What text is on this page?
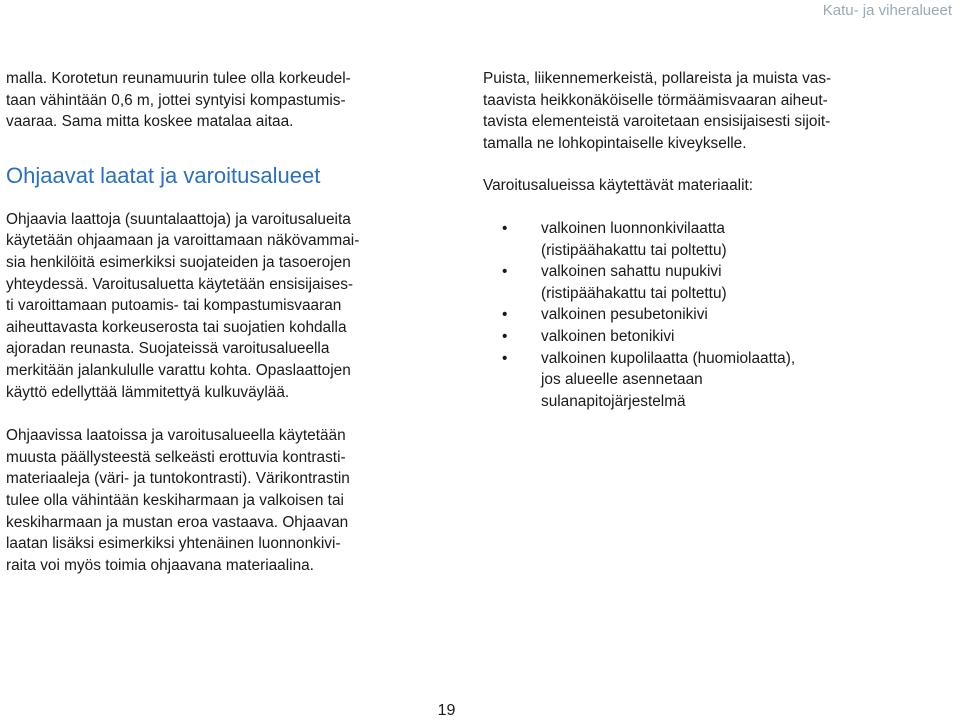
Katu- ja viheralueet

malla. Korotetun reunamuurin tulee olla korkeudel-
taan vähintään 0,6 m, jottei syntyisi kompastumis-
vaaraa. Sama mitta koskee matalaa aitaa.

Ohjaavat laatat ja varoitusalueet

Ohjaavia laattoja (suuntalaattoja) ja varoitusalueita
käytetään ohjaamaan ja varoittamaan näkövammai-
sia henkilöitä esimerkiksi suojateiden ja tasoerojen
yhteydessä. Varoitusaluetta käytetään ensisijaises-
ti varoittamaan putoamis- tai kompastumisvaaran
aiheuttavasta korkeuserosta tai suojatien kohdalla
ajoradan reunasta. Suojateissä varoitusalueella
merkitään jalankululle varattu kohta. Opaslaattojen
käyttö edellyttää lämmitettyä kulkuväylää.

Ohjaavissa laatoissa ja varoitusalueella käytetään
muusta päällysteestä selkeästi erottuvia kontrasti-
materiaaleja (väri- ja tuntokontrasti). Värikontrastin
tulee olla vähintään keskiharmaan ja valkoisen tai
keskiharmaan ja mustan eroa vastaava. Ohjaavan
laatan lisäksi esimerkiksi yhtenäinen luonnonkivi-
raita voi myös toimia ohjaavana materiaalina.

Puista, liikennemerkeistä, pollareista ja muista vas-
taavista heikkonäköiselle törmäämisvaaran aiheut-
tavista elementeistä varoitetaan ensisijaisesti sijoit-
tamalla ne lohkopintaiselle kiveykselle.

Varoitusalueissa käytettävät materiaalit:

• valkoinen luonnonkivilaatta
(ristipäähakattu tai poltettu)
• valkoinen sahattu nupukivi
(ristipäähakattu tai poltettu)
• valkoinen pesubetonikivi
• valkoinen betonikivi
• valkoinen kupolilaatta (huomiolaatta),
jos alueelle asennetaan
sulanapitojärjestelmä
19
